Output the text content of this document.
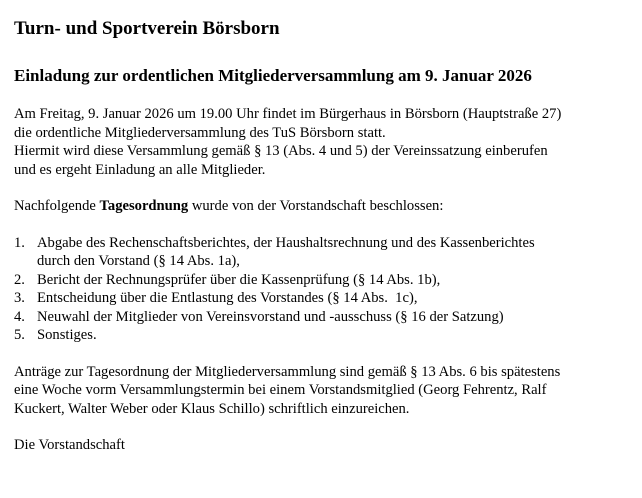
Turn- und Sportverein Börsborn
Einladung zur ordentlichen Mitgliederversammlung am 9. Januar 2026

Am Freitag, 9. Januar 2026 um 19.00 Uhr findet im Bürgerhaus in Börsborn (Hauptstraße 27)
die ordentliche Mitgliederversammlung des TuS Börsborn statt.
Hiermit wird diese Versammlung gemäß § 13 (Abs. 4 und 5) der Vereinssatzung einberufen
und es ergeht Einladung an alle Mitglieder.

Nachfolgende Tagesordnung wurde von der Vorstandschaft beschlossen:

1. Abgabe des Rechenschaftsberichtes, der Haushaltsrechnung und des Kassenberichtes
durch den Vorstand (§ 14 Abs. 1a),
2. Bericht der Rechnungsprüfer über die Kassenprüfung (§ 14 Abs. 1b),
3. Entscheidung über die Entlastung des Vorstandes (§ 14 Abs.  1c),
4. Neuwahl der Mitglieder von Vereinsvorstand und -ausschuss (§ 16 der Satzung)
5. Sonstiges.

Anträge zur Tagesordnung der Mitgliederversammlung sind gemäß § 13 Abs. 6 bis spätestens
eine Woche vorm Versammlungstermin bei einem Vorstandsmitglied (Georg Fehrentz, Ralf
Kuckert, Walter Weber oder Klaus Schillo) schriftlich einzureichen.

Die Vorstandschaft
